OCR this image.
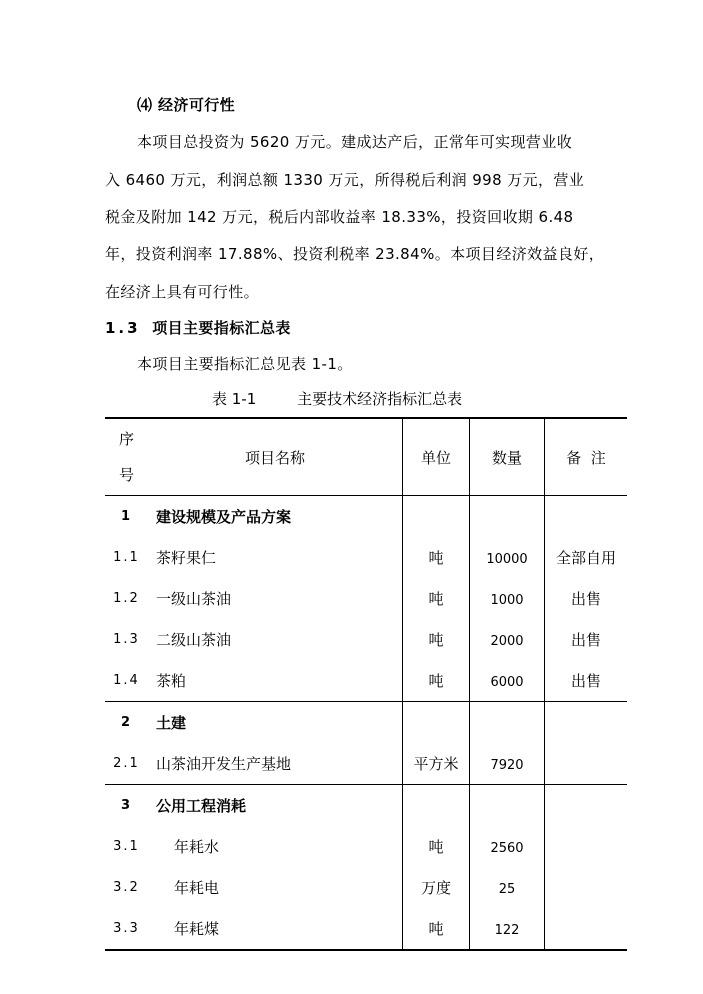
⑷ 经济可行性
本项目总投资为 5620 万元。建成达产后，正常年可实现营业收
入 6460 万元，利润总额 1330 万元，所得税后利润 998 万元，营业
税金及附加 142 万元，税后内部收益率 18.33%，投资回收期 6.48
年，投资利润率 17.88%、投资利税率 23.84%。本项目经济效益良好，
在经济上具有可行性。
1.3 项目主要指标汇总表
本项目主要指标汇总见表 1-1。
表 1-1	主要技术经济指标汇总表
序
号	项目名称	单位	数量	备  注
1	建设规模及产品方案			
1.1	茶籽果仁	吨	10000	全部自用
1.2	一级山茶油	吨	1000	出售
1.3	二级山茶油	吨	2000	出售
1.4	茶粕	吨	6000	出售
2	土建			
2.1	山茶油开发生产基地	平方米	7920	
3	公用工程消耗			
3.1	年耗水	吨	2560	
3.2	年耗电	万度	25	
3.3	年耗煤	吨	122	
